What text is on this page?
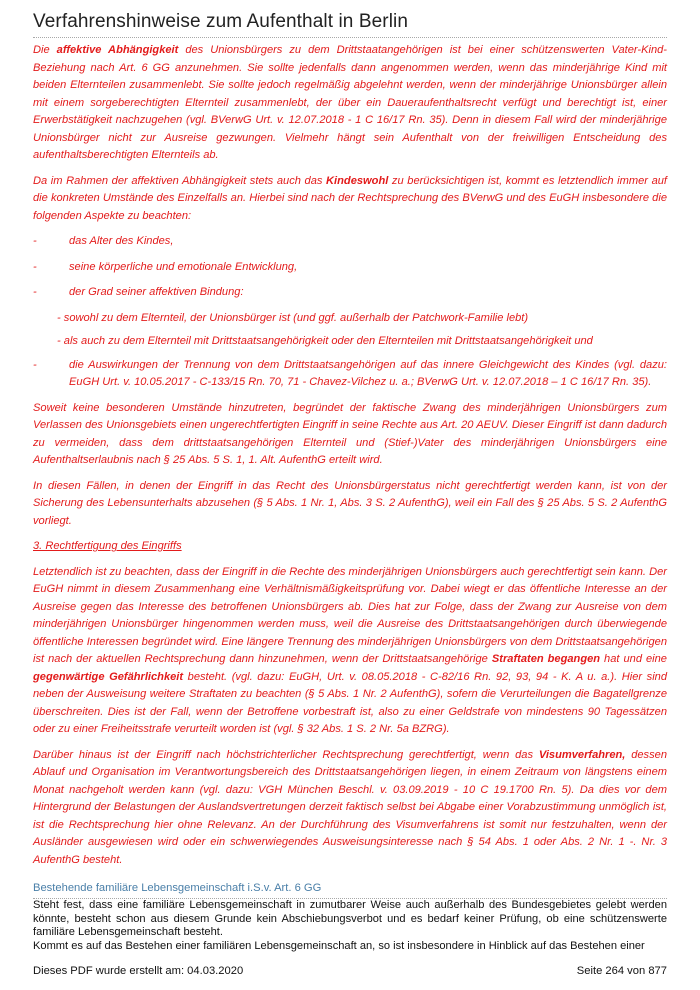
Verfahrenshinweise zum Aufenthalt in Berlin

Die affektive Abhängigkeit des Unionsbürgers zu dem Drittstaatangehörigen ist bei einer schützenswerten Vater-Kind-Beziehung nach Art. 6 GG anzunehmen. Sie sollte jedenfalls dann angenommen werden, wenn das minderjährige Kind mit beiden Elternteilen zusammenlebt. Sie sollte jedoch regelmäßig abgelehnt werden, wenn der minderjährige Unionsbürger allein mit einem sorgeberechtigten Elternteil zusammenlebt, der über ein Daueraufenthaltsrecht verfügt und berechtigt ist, einer Erwerbstätigkeit nachzugehen (vgl. BVerwG Urt. v. 12.07.2018 - 1 C 16/17 Rn. 35). Denn in diesem Fall wird der minderjährige Unionsbürger nicht zur Ausreise gezwungen. Vielmehr hängt sein Aufenthalt von der freiwilligen Entscheidung des aufenthaltsberechtigten Elternteils ab.

Da im Rahmen der affektiven Abhängigkeit stets auch das Kindeswohl zu berücksichtigen ist, kommt es letztendlich immer auf die konkreten Umstände des Einzelfalls an. Hierbei sind nach der Rechtsprechung des BVerwG und des EuGH insbesondere die folgenden Aspekte zu beachten:

-	das Alter des Kindes,
-	seine körperliche und emotionale Entwicklung,
-	der Grad seiner affektiven Bindung:
- sowohl zu dem Elternteil, der Unionsbürger ist (und ggf. außerhalb der Patchwork-Familie lebt)
- als auch zu dem Elternteil mit Drittstaatsangehörigkeit oder den Elternteilen mit Drittstaatsangehörigkeit und
-	die Auswirkungen der Trennung von dem Drittstaatsangehörigen auf das innere Gleichgewicht des Kindes (vgl. dazu: EuGH Urt. v. 10.05.2017 - C-133/15 Rn. 70, 71 - Chavez-Vilchez u. a.; BVerwG Urt. v. 12.07.2018 – 1 C 16/17 Rn. 35).

Soweit keine besonderen Umstände hinzutreten, begründet der faktische Zwang des minderjährigen Unionsbürgers zum Verlassen des Unionsgebiets einen ungerechtfertigten Eingriff in seine Rechte aus Art. 20 AEUV. Dieser Eingriff ist dann dadurch zu vermeiden, dass dem drittstaatsangehörigen Elternteil und (Stief-)Vater des minderjährigen Unionsbürgers eine Aufenthaltserlaubnis nach § 25 Abs. 5 S. 1, 1. Alt. AufenthG erteilt wird.

In diesen Fällen, in denen der Eingriff in das Recht des Unionsbürgerstatus nicht gerechtfertigt werden kann, ist von der Sicherung des Lebensunterhalts abzusehen (§ 5 Abs. 1 Nr. 1, Abs. 3 S. 2 AufenthG), weil ein Fall des § 25 Abs. 5 S. 2 AufenthG vorliegt.

3. Rechtfertigung des Eingriffs

Letztendlich ist zu beachten, dass der Eingriff in die Rechte des minderjährigen Unionsbürgers auch gerechtfertigt sein kann. Der EuGH nimmt in diesem Zusammenhang eine Verhältnismäßigkeitsprüfung vor. Dabei wiegt er das öffentliche Interesse an der Ausreise gegen das Interesse des betroffenen Unionsbürgers ab. Dies hat zur Folge, dass der Zwang zur Ausreise von dem minderjährigen Unionsbürger hingenommen werden muss, weil die Ausreise des Drittstaatsangehörigen durch überwiegende öffentliche Interessen begründet wird. Eine längere Trennung des minderjährigen Unionsbürgers von dem Drittstaatsangehörigen ist nach der aktuellen Rechtsprechung dann hinzunehmen, wenn der Drittstaatsangehörige Straftaten begangen hat und eine gegenwärtige Gefährlichkeit besteht. (vgl. dazu: EuGH, Urt. v. 08.05.2018 - C-82/16 Rn. 92, 93, 94 - K. A u. a.). Hier sind neben der Ausweisung weitere Straftaten zu beachten (§ 5 Abs. 1 Nr. 2 AufenthG), sofern die Verurteilungen die Bagatellgrenze überschreiten. Dies ist der Fall, wenn der Betroffene vorbestraft ist, also zu einer Geldstrafe von mindestens 90 Tagessätzen oder zu einer Freiheitsstrafe verurteilt worden ist (vgl. § 32 Abs. 1 S. 2 Nr. 5a BZRG).

Darüber hinaus ist der Eingriff nach höchstrichterlicher Rechtsprechung gerechtfertigt, wenn das Visumverfahren, dessen Ablauf und Organisation im Verantwortungsbereich des Drittstaatsangehörigen liegen, in einem Zeitraum von längstens einem Monat nachgeholt werden kann (vgl. dazu: VGH München Beschl. v. 03.09.2019 - 10 C 19.1700 Rn. 5). Da dies vor dem Hintergrund der Belastungen der Auslandsvertretungen derzeit faktisch selbst bei Abgabe einer Vorabzustimmung unmöglich ist, ist die Rechtsprechung hier ohne Relevanz. An der Durchführung des Visumverfahrens ist somit nur festzuhalten, wenn der Ausländer ausgewiesen wird oder ein schwerwiegendes Ausweisungsinteresse nach § 54 Abs. 1 oder Abs. 2 Nr. 1 -. Nr. 3 AufenthG besteht.

Bestehende familiäre Lebensgemeinschaft i.S.v. Art. 6 GG

Steht fest, dass eine familiäre Lebensgemeinschaft in zumutbarer Weise auch außerhalb des Bundesgebietes gelebt werden könnte, besteht schon aus diesem Grunde kein Abschiebungsverbot und es bedarf keiner Prüfung, ob eine schützenswerte familiäre Lebensgemeinschaft besteht.

Kommt es auf das Bestehen einer familiären Lebensgemeinschaft an, so ist insbesondere in Hinblick auf das Bestehen einer

Dieses PDF wurde erstellt am: 04.03.2020	Seite 264 von 877
